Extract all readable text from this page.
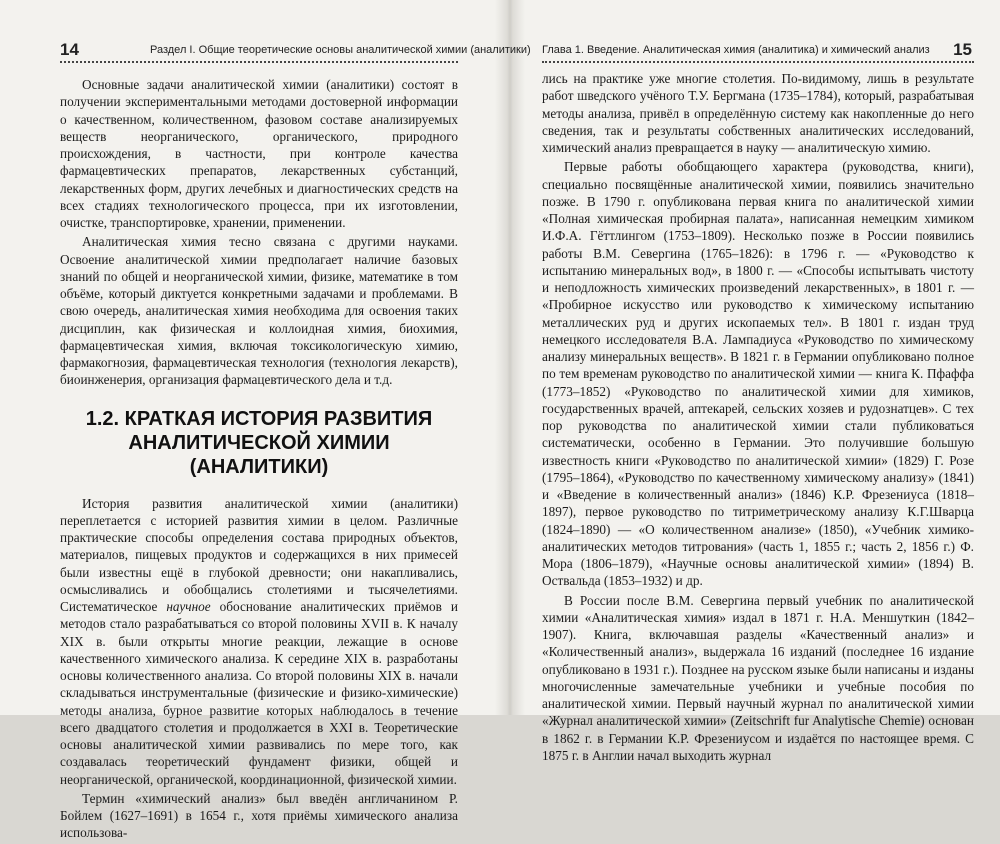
14	Раздел I. Общие теоретические основы аналитической химии (аналитики)

Основные задачи аналитической химии (аналитики) состоят в получении экспериментальными методами достоверной информации о качественном, количественном, фазовом составе анализируемых веществ неорганического, органического, природного происхождения, в частности, при контроле качества фармацевтических препаратов, лекарственных субстанций, лекарственных форм, других лечебных и диагностических средств на всех стадиях технологического процесса, при их изготовлении, очистке, транспортировке, хранении, применении.

Аналитическая химия тесно связана с другими науками. Освоение аналитической химии предполагает наличие базовых знаний по общей и неорганической химии, физике, математике в том объёме, который диктуется конкретными задачами и проблемами. В свою очередь, аналитическая химия необходима для освоения таких дисциплин, как физическая и коллоидная химия, биохимия, фармацевтическая химия, включая токсикологическую химию, фармакогнозия, фармацевтическая технология (технология лекарств), биоинженерия, организация фармацевтического дела и т.д.

1.2. КРАТКАЯ ИСТОРИЯ РАЗВИТИЯ
АНАЛИТИЧЕСКОЙ ХИМИИ (АНАЛИТИКИ)

История развития аналитической химии (аналитики) переплетается с историей развития химии в целом. Различные практические способы определения состава природных объектов, материалов, пищевых продуктов и содержащихся в них примесей были известны ещё в глубокой древности; они накапливались, осмысливались и обобщались столетиями и тысячелетиями. Систематическое научное обоснование аналитических приёмов и методов стало разрабатываться со второй половины XVII в. К началу XIX в. были открыты многие реакции, лежащие в основе качественного химического анализа. К середине XIX в. разработаны основы количественного анализа. Со второй половины XIX в. начали складываться инструментальные (физические и физико-химические) методы анализа, бурное развитие которых наблюдалось в течение всего двадцатого столетия и продолжается в XXI в. Теоретические основы аналитической химии развивались по мере того, как создавалась теоретический фундамент физики, общей и неорганической, органической, координационной, физической химии.

Термин «химический анализ» был введён англичанином Р. Бойлем (1627–1691) в 1654 г., хотя приёмы химического анализа использова-

Глава 1. Введение. Аналитическая химия (аналитика) и химический анализ 15

лись на практике уже многие столетия. По-видимому, лишь в результате работ шведского учёного Т.У. Бергмана (1735–1784), который, разрабатывая методы анализа, привёл в определённую систему как накопленные до него сведения, так и результаты собственных аналитических исследований, химический анализ превращается в науку — аналитическую химию.

Первые работы обобщающего характера (руководства, книги), специально посвящённые аналитической химии, появились значительно позже. В 1790 г. опубликована первая книга по аналитической химии «Полная химическая пробирная палата», написанная немецким химиком И.Ф.А. Гёттлингом (1753–1809). Несколько позже в России появились работы В.М. Севергина (1765–1826): в 1796 г. — «Руководство к испытанию минеральных вод», в 1800 г. — «Способы испытывать чистоту и неподложность химических произведений лекарственных», в 1801 г. — «Пробирное искусство или руководство к химическому испытанию металлических руд и других ископаемых тел». В 1801 г. издан труд немецкого исследователя В.А. Лампадиуса «Руководство по химическому анализу минеральных веществ». В 1821 г. в Германии опубликовано полное по тем временам руководство по аналитической химии — книга К. Пфаффа (1773–1852) «Руководство по аналитической химии для химиков, государственных врачей, аптекарей, сельских хозяев и рудознатцев». С тех пор руководства по аналитической химии стали публиковаться систематически, особенно в Германии. Это получившие большую известность книги «Руководство по аналитической химии» (1829) Г. Розе (1795–1864), «Руководство по качественному химическому анализу» (1841) и «Введение в количественный анализ» (1846) К.Р. Фрезениуса (1818–1897), первое руководство по титриметрическому анализу К.Г.Шварца (1824–1890) — «О количественном анализе» (1850), «Учебник химико-аналитических методов титрования» (часть 1, 1855 г.; часть 2, 1856 г.) Ф. Мора (1806–1879), «Научные основы аналитической химии» (1894) В. Оствальда (1853–1932) и др.

В России после В.М. Севергина первый учебник по аналитической химии «Аналитическая химия» издал в 1871 г. Н.А. Меншуткин (1842–1907). Книга, включавшая разделы «Качественный анализ» и «Количественный анализ», выдержала 16 изданий (последнее 16 издание опубликовано в 1931 г.). Позднее на русском языке были написаны и изданы многочисленные замечательные учебники и учебные пособия по аналитической химии. Первый научный журнал по аналитической химии «Журнал аналитической химии» (Zeitschrift fur Analytische Chemie) основан в 1862 г. в Германии К.Р. Фрезениусом и издаётся по настоящее время. С 1875 г. в Англии начал выходить журнал
